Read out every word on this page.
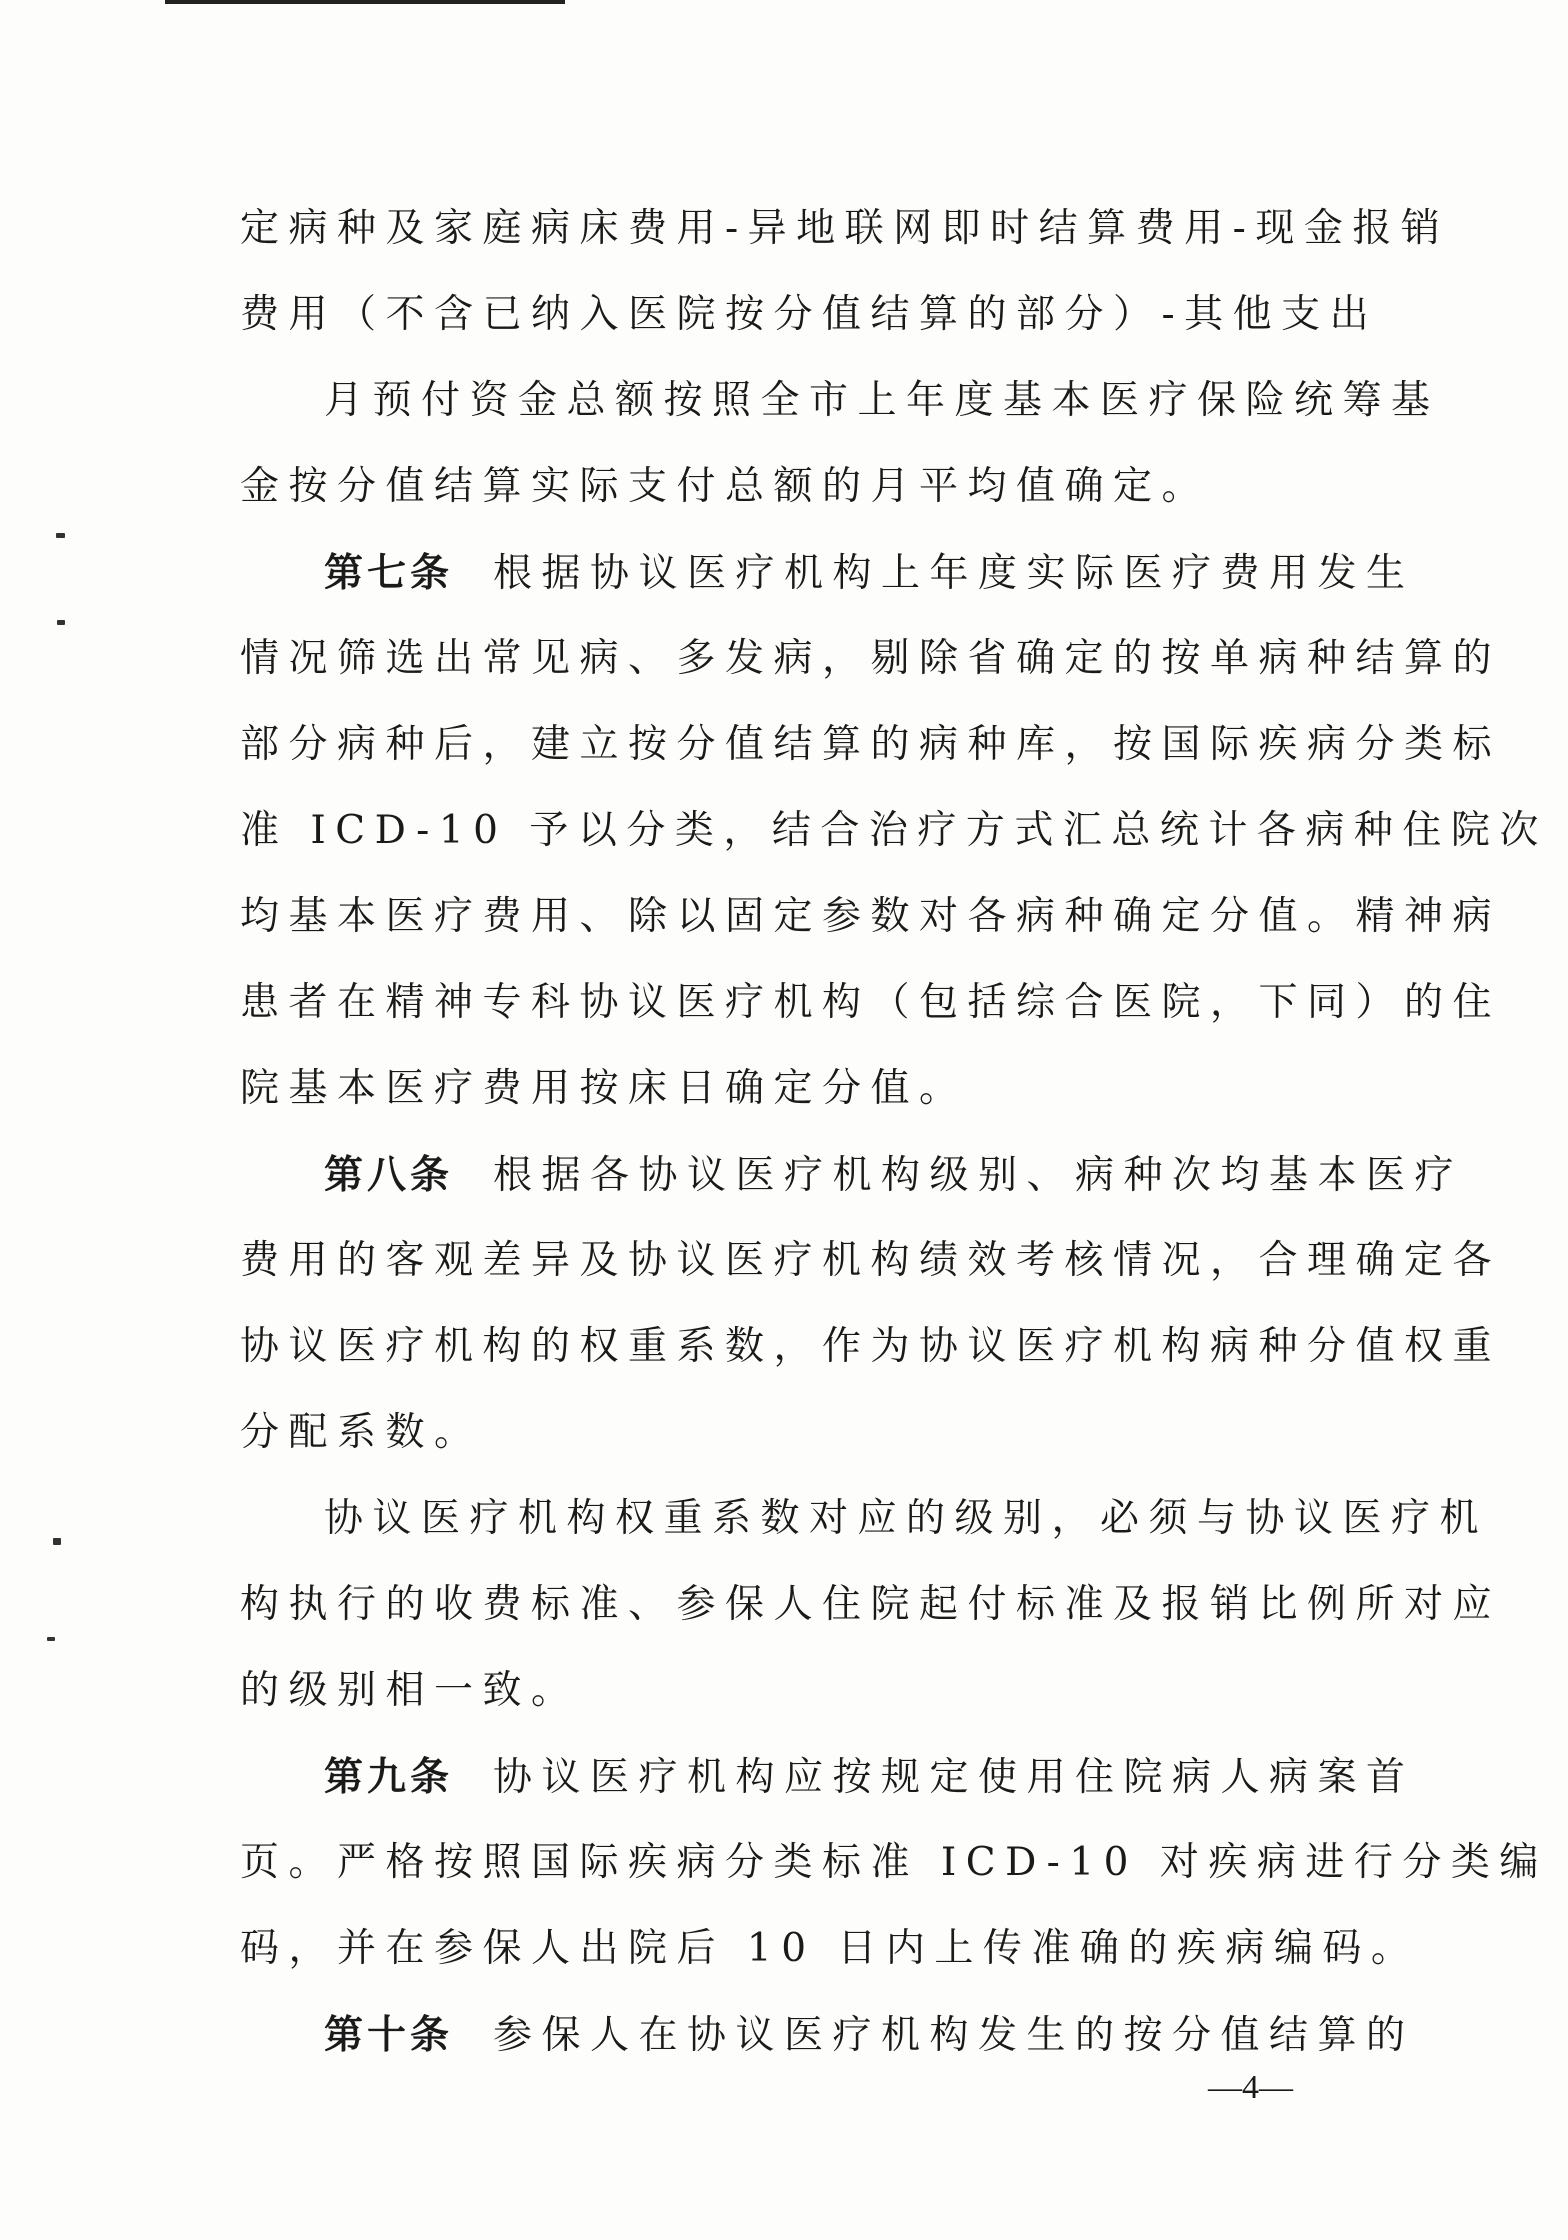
定病种及家庭病床费用-异地联网即时结算费用-现金报销
费用（不含已纳入医院按分值结算的部分）-其他支出
月预付资金总额按照全市上年度基本医疗保险统筹基
金按分值结算实际支付总额的月平均值确定。
第七条 根据协议医疗机构上年度实际医疗费用发生
情况筛选出常见病、多发病，剔除省确定的按单病种结算的
部分病种后，建立按分值结算的病种库，按国际疾病分类标
准 ICD-10 予以分类，结合治疗方式汇总统计各病种住院次
均基本医疗费用、除以固定参数对各病种确定分值。精神病
患者在精神专科协议医疗机构（包括综合医院，下同）的住
院基本医疗费用按床日确定分值。
第八条 根据各协议医疗机构级别、病种次均基本医疗
费用的客观差异及协议医疗机构绩效考核情况，合理确定各
协议医疗机构的权重系数，作为协议医疗机构病种分值权重
分配系数。
协议医疗机构权重系数对应的级别，必须与协议医疗机
构执行的收费标准、参保人住院起付标准及报销比例所对应
的级别相一致。
第九条 协议医疗机构应按规定使用住院病人病案首
页。严格按照国际疾病分类标准 ICD-10 对疾病进行分类编
码，并在参保人出院后 10 日内上传准确的疾病编码。
第十条 参保人在协议医疗机构发生的按分值结算的
—4—
